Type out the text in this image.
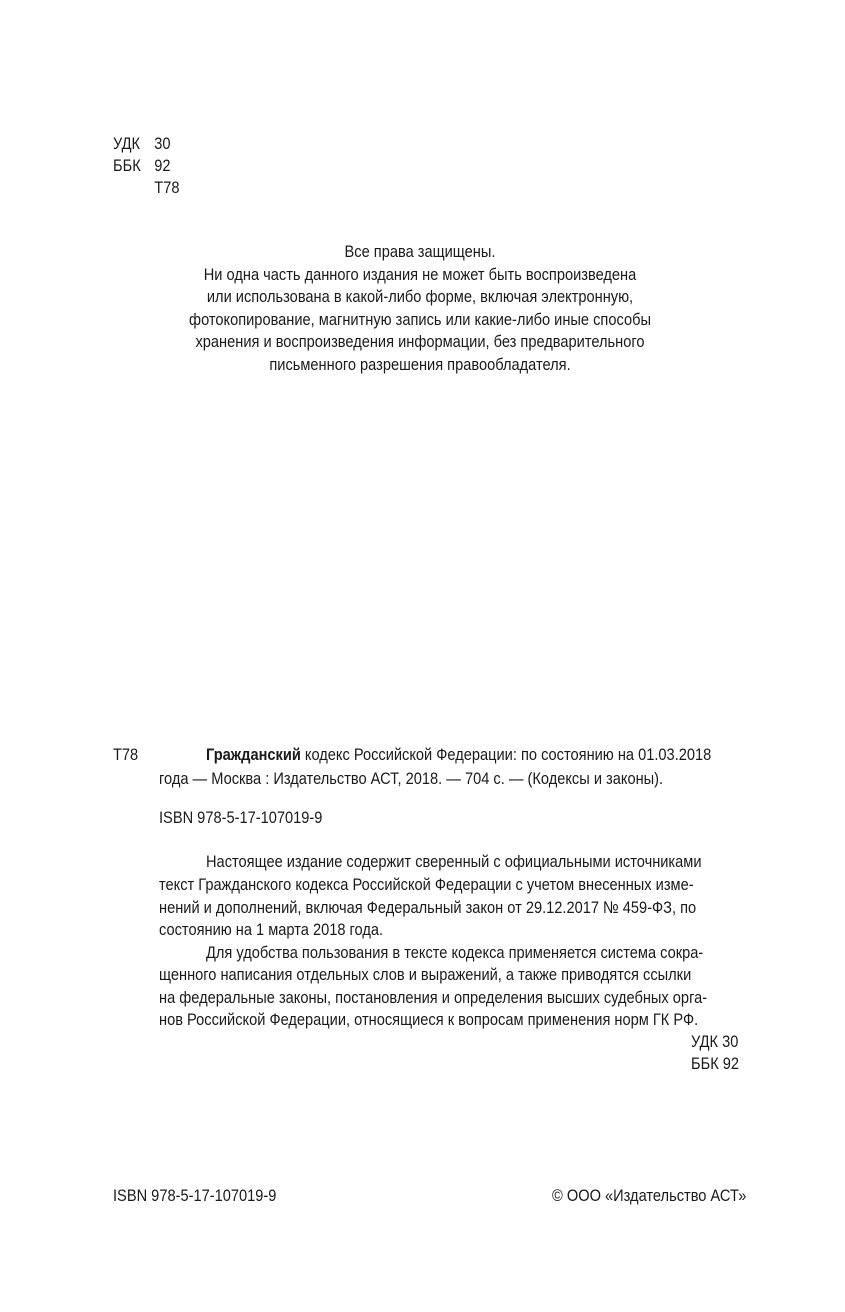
УДК 30
ББК 92
Т78
Все права защищены.
Ни одна часть данного издания не может быть воспроизведена
или использована в какой-либо форме, включая электронную,
фотокопирование, магнитную запись или какие-либо иные способы
хранения и воспроизведения информации, без предварительного
письменного разрешения правообладателя.
Т78	Гражданский кодекс Российской Федерации: по состоянию на 01.03.2018
года — Москва : Издательство АСТ, 2018. — 704 с. — (Кодексы и законы).
ISBN 978-5-17-107019-9
Настоящее издание содержит сверенный с официальными источниками
текст Гражданского кодекса Российской Федерации с учетом внесенных изме-
нений и дополнений, включая Федеральный закон от 29.12.2017 № 459-ФЗ, по
состоянию на 1 марта 2018 года.
Для удобства пользования в тексте кодекса применяется система сокра-
щенного написания отдельных слов и выражений, а также приводятся ссылки
на федеральные законы, постановления и определения высших судебных орга-
нов Российской Федерации, относящиеся к вопросам применения норм ГК РФ.
УДК 30
ББК 92
ISBN 978-5-17-107019-9	© ООО «Издательство АСТ»
